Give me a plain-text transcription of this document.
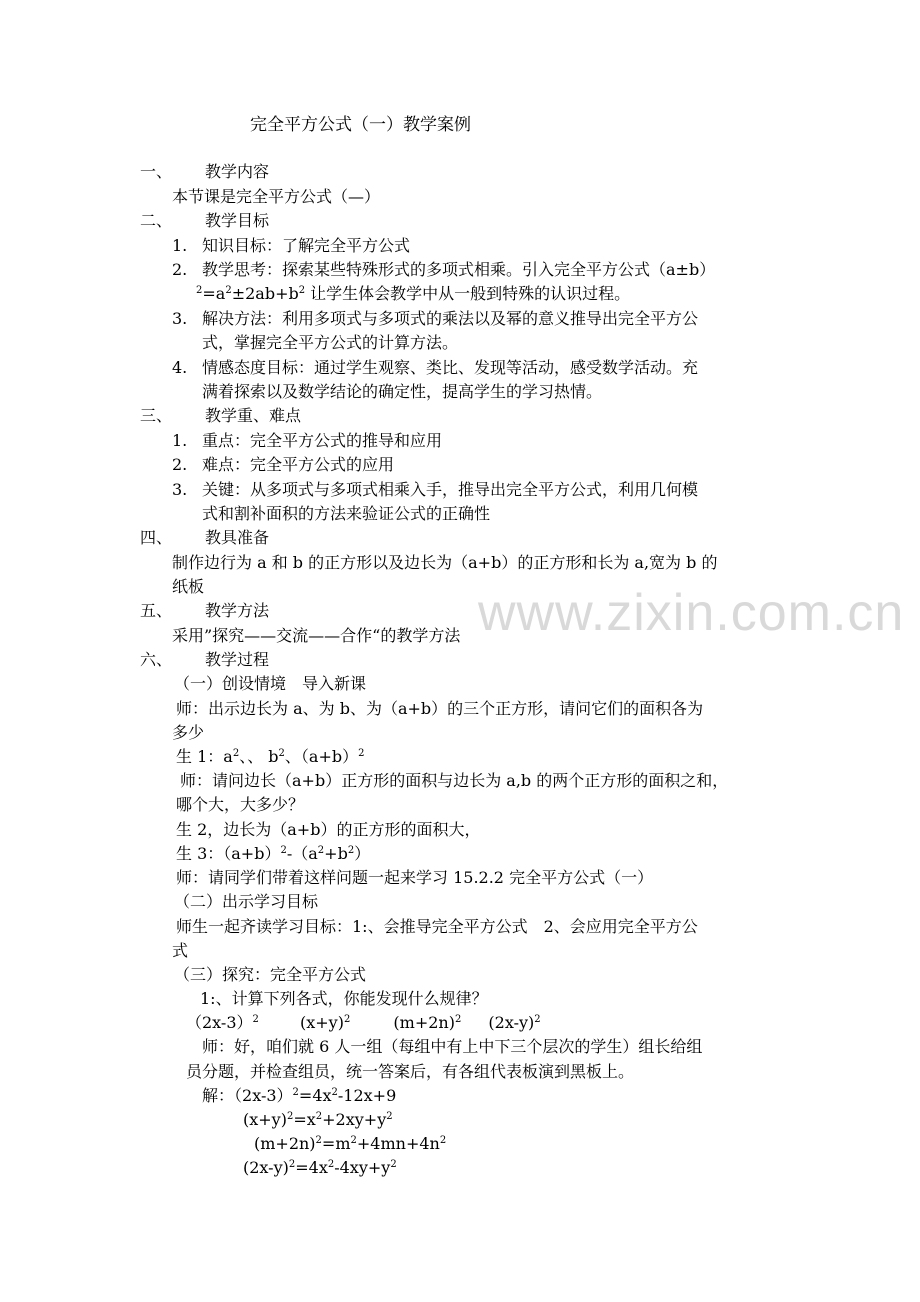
完全平方公式（一）教学案例
一、 教学内容
本节课是完全平方公式（—）
二、 教学目标
1. 知识目标：了解完全平方公式
2. 教学思考：探索某些特殊形式的多项式相乘。引入完全平方公式（a±b）
$^2=a^2\pm 2ab+b^2$ 让学生体会教学中从一般到特殊的认识过程。
3. 解决方法：利用多项式与多项式的乘法以及幂的意义推导出完全平方公
式，掌握完全平方公式的计算方法。
4. 情感态度目标：通过学生观察、类比、发现等活动，感受数学活动。充
满着探索以及数学结论的确定性，提高学生的学习热情。
三、 教学重、难点
1. 重点：完全平方公式的推导和应用
2. 难点：完全平方公式的应用
3. 关键：从多项式与多项式相乘入手，推导出完全平方公式，利用几何模
式和割补面积的方法来验证公式的正确性
四、 教具准备
制作边行为 a 和 b 的正方形以及边长为（a+b）的正方形和长为 a,宽为 b 的
纸板
五、 教学方法
采用”探究——交流——合作“的教学方法 www.zixin.com.cn
六、 教学过程
（一）创设情境　导入新课
师：出示边长为 a、为 b、为（a+b）的三个正方形，请问它们的面积各为
多少
生 1：$a^2$、、 $b^2$、$(a+b)^2$
师：请问边长（a+b）正方形的面积与边长为 a,b 的两个正方形的面积之和，
哪个大，大多少？
生 2，边长为（a+b）的正方形的面积大，
生 3：$(a+b)^2-(a^2+b^2)$
师：请同学们带着这样问题一起来学习 15.2.2 完全平方公式（一）
（二）出示学习目标
师生一起齐读学习目标：1:、会推导完全平方公式　2、会应用完全平方公
式
（三）探究：完全平方公式
1:、计算下列各式，你能发现什么规律？
$(2x-3)^2$	$(x+y)^2$	$(m+2n)^2$ $(2x-y)^2$
师：好，咱们就 6 人一组（每组中有上中下三个层次的学生）组长给组
员分题，并检查组员，统一答案后，有各组代表板演到黑板上。
解：$(2x-3)^2=4x^2-12x+9$
$(x+y)^2=x^2+2xy+y^2$
$(m+2n)^2=m^2+4mn+4n^2$
$(2x-y)^2=4x^2-4xy+y^2$
